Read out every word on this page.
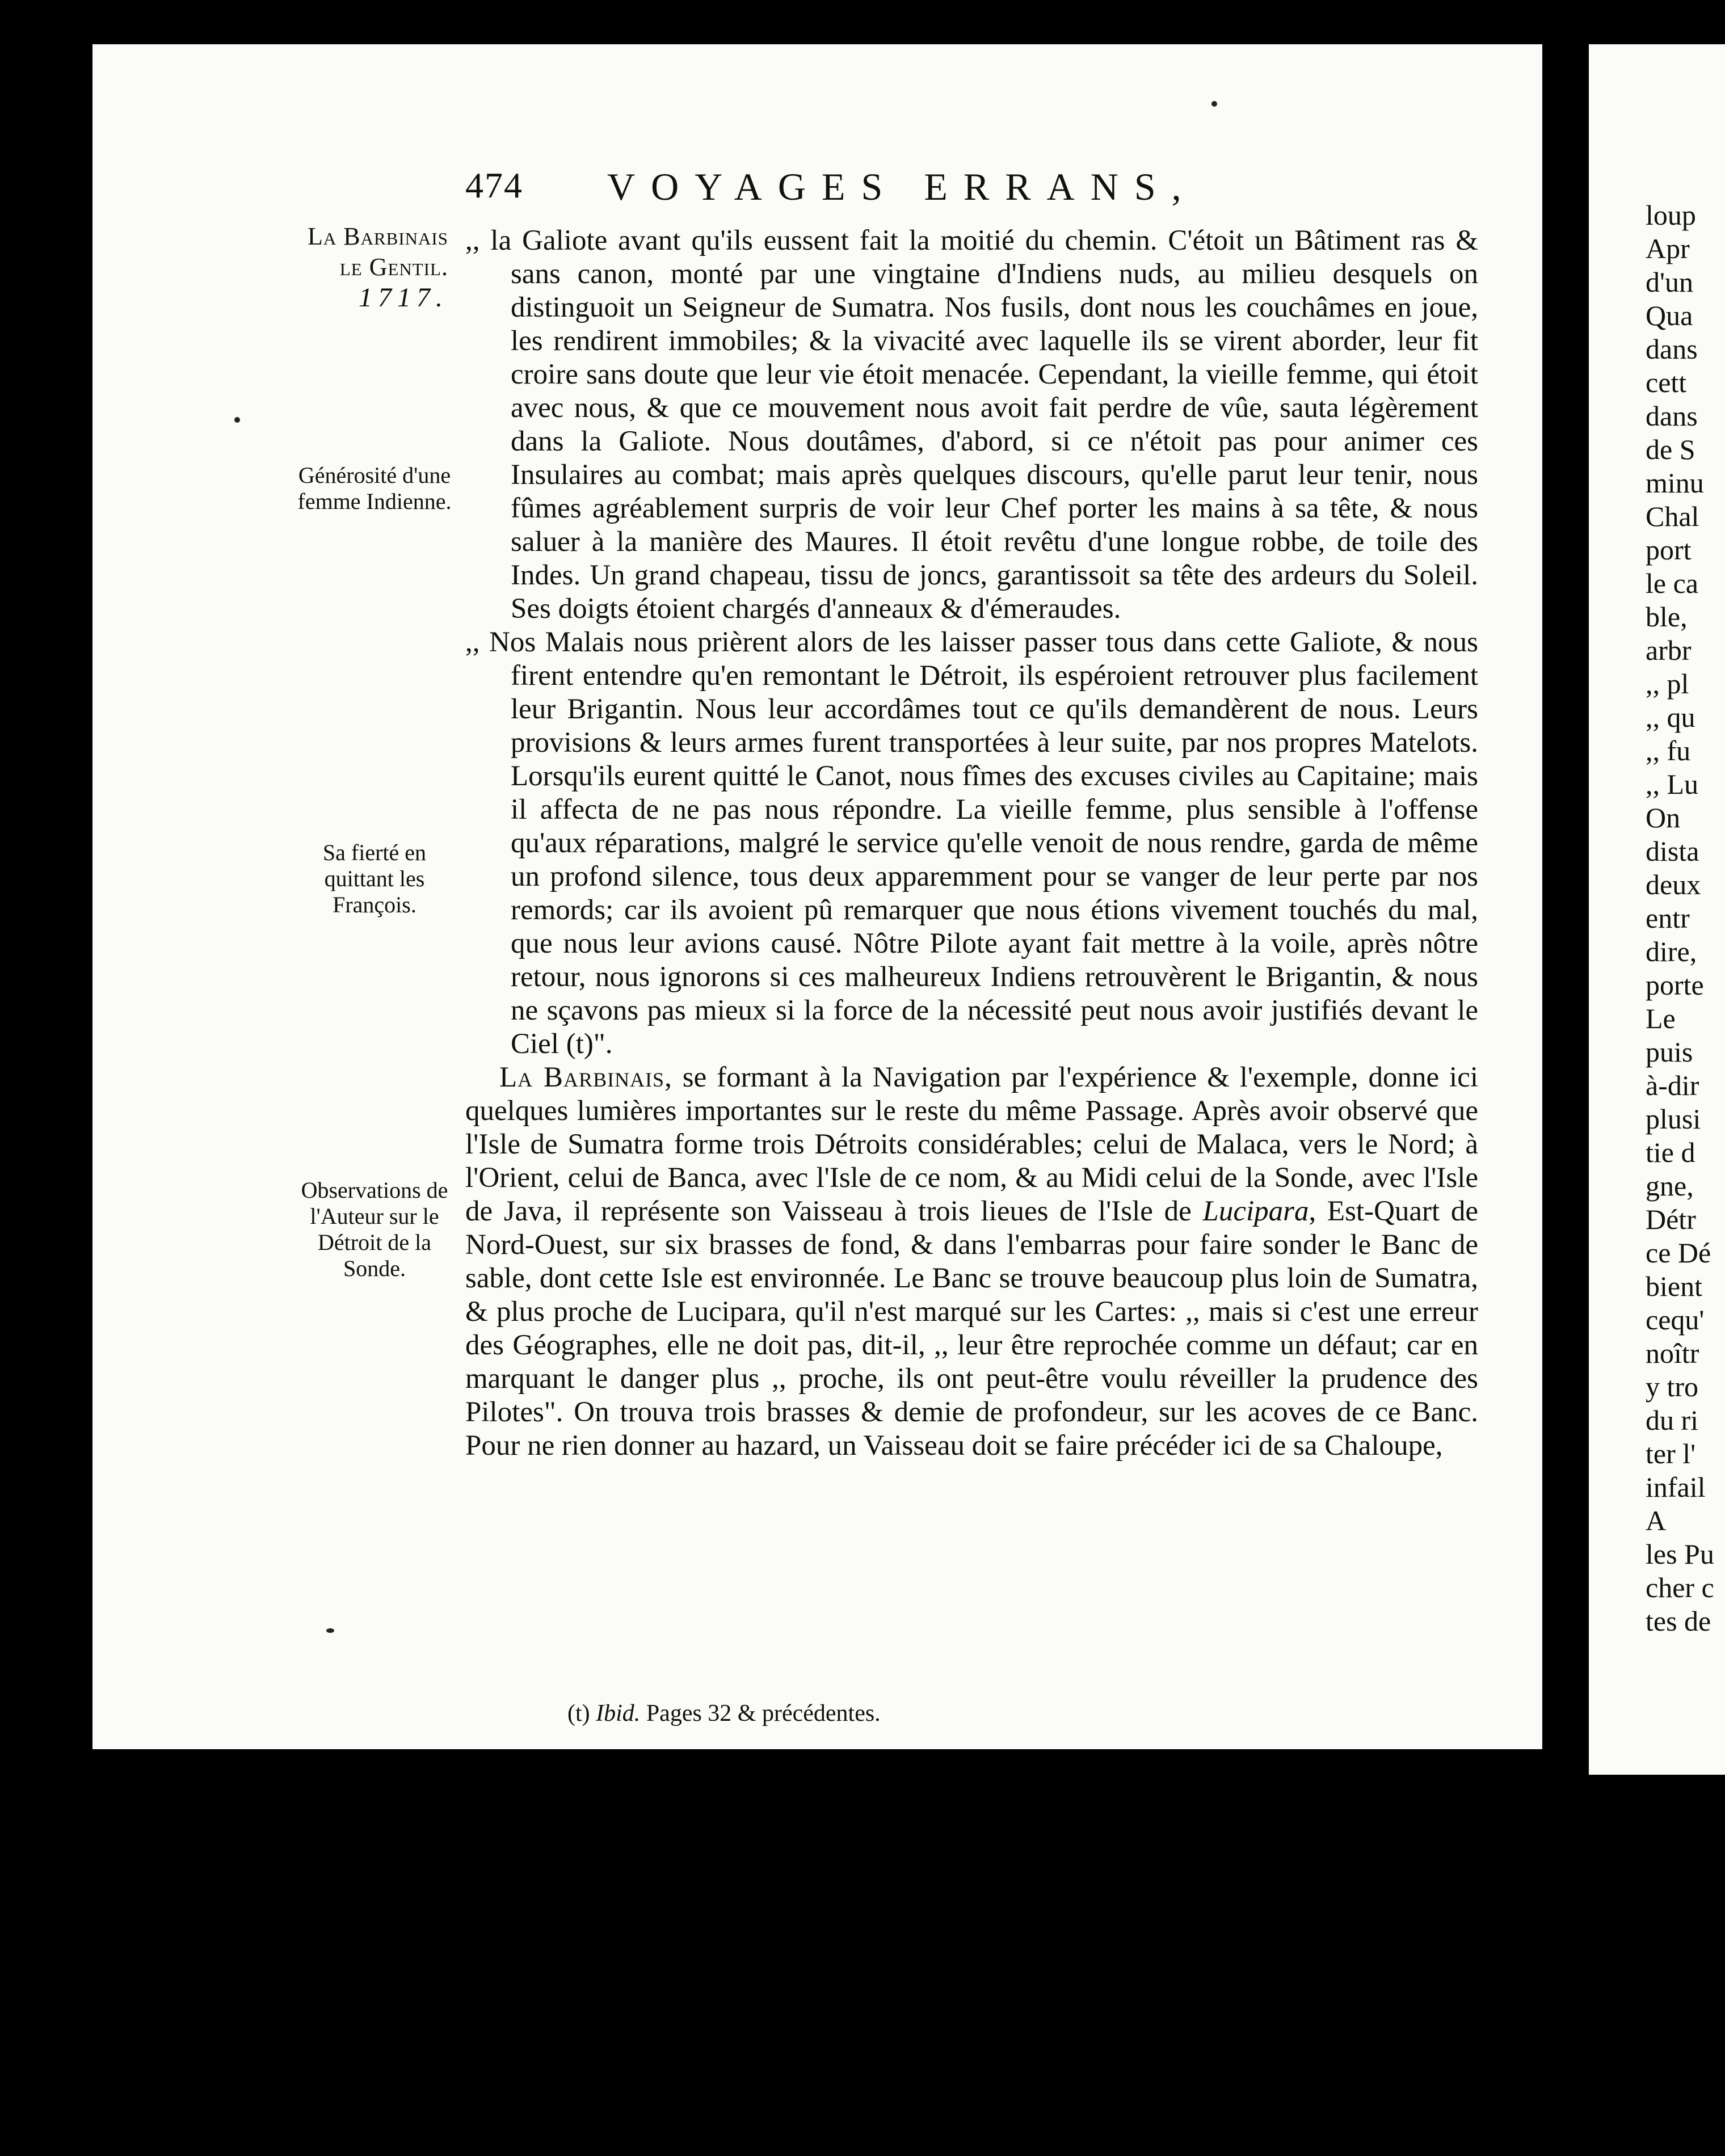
474 VOYAGES ERRANS,
La Barbinais
le Gentil.
1717.
Générosité d'une femme Indienne.
Sa fierté en quittant les François.
Observations de l'Auteur sur le Détroit de la Sonde.

,, la Galiote avant qu'ils eussent fait la moitié du chemin. C'étoit un Bâtiment ras & sans canon, monté par une vingtaine d'Indiens nuds, au milieu desquels on distinguoit un Seigneur de Sumatra. Nos fusils, dont nous les couchâmes en joue, les rendirent immobiles; & la vivacité avec laquelle ils se virent aborder, leur fit croire sans doute que leur vie étoit menacée. Cependant, la vieille femme, qui étoit avec nous, & que ce mouvement nous avoit fait perdre de vûe, sauta légèrement dans la Galiote. Nous doutâmes, d'abord, si ce n'étoit pas pour animer ces Insulaires au combat; mais après quelques discours, qu'elle parut leur tenir, nous fûmes agréablement surpris de voir leur Chef porter les mains à sa tête, & nous saluer à la manière des Maures. Il étoit revêtu d'une longue robbe, de toile des Indes. Un grand chapeau, tissu de joncs, garantissoit sa tête des ardeurs du Soleil. Ses doigts étoient chargés d'anneaux & d'émeraudes.

,, Nos Malais nous prièrent alors de les laisser passer tous dans cette Galiote, & nous firent entendre qu'en remontant le Détroit, ils espéroient retrouver plus facilement leur Brigantin. Nous leur accordâmes tout ce qu'ils demandèrent de nous. Leurs provisions & leurs armes furent transportées à leur suite, par nos propres Matelots. Lorsqu'ils eurent quitté le Canot, nous fîmes des excuses civiles au Capitaine; mais il affecta de ne pas nous répondre. La vieille femme, plus sensible à l'offense qu'aux réparations, malgré le service qu'elle venoit de nous rendre, garda de même un profond silence, tous deux apparemment pour se vanger de leur perte par nos remords; car ils avoient pû remarquer que nous étions vivement touchés du mal, que nous leur avions causé. Nôtre Pilote ayant fait mettre à la voile, après nôtre retour, nous ignorons si ces malheureux Indiens retrouvèrent le Brigantin, & nous ne sçavons pas mieux si la force de la nécessité peut nous avoir justifiés devant le Ciel (t)".

La Barbinais, se formant à la Navigation par l'expérience & l'exemple, donne ici quelques lumières importantes sur le reste du même Passage. Après avoir observé que l'Isle de Sumatra forme trois Détroits considérables; celui de Malaca, vers le Nord; à l'Orient, celui de Banca, avec l'Isle de ce nom, & au Midi celui de la Sonde, avec l'Isle de Java, il représente son Vaisseau à trois lieues de l'Isle de Lucipara, Est-Quart de Nord-Ouest, sur six brasses de fond, & dans l'embarras pour faire sonder le Banc de sable, dont cette Isle est environnée. Le Banc se trouve beaucoup plus loin de Sumatra, & plus proche de Lucipara, qu'il n'est marqué sur les Cartes: ,, mais si c'est une erreur des Géographes, elle ne doit pas, dit-il, ,, leur être reprochée comme un défaut; car en marquant le danger plus ,, proche, ils ont peut-être voulu réveiller la prudence des Pilotes". On trouva trois brasses & demie de profondeur, sur les acoves de ce Banc. Pour ne rien donner au hazard, un Vaisseau doit se faire précéder ici de sa Chaloupe,

(t) Ibid. Pages 32 & précédentes.
loup
Apr
d'un
Qua
dans
cett
dans
de S
minu
Chal
port
le ca
ble,
arbr
,, pl
,, qu
,, fu
,, Lu
On
dista
deux
entr
dire,
porte
Le
puis
à-dir
plusi
tie d
gne,
Détr
ce Dé
bient
cequ'
noîtr
y tro
du ri
ter l'
infail
A
les Pu
cher c
tes de
